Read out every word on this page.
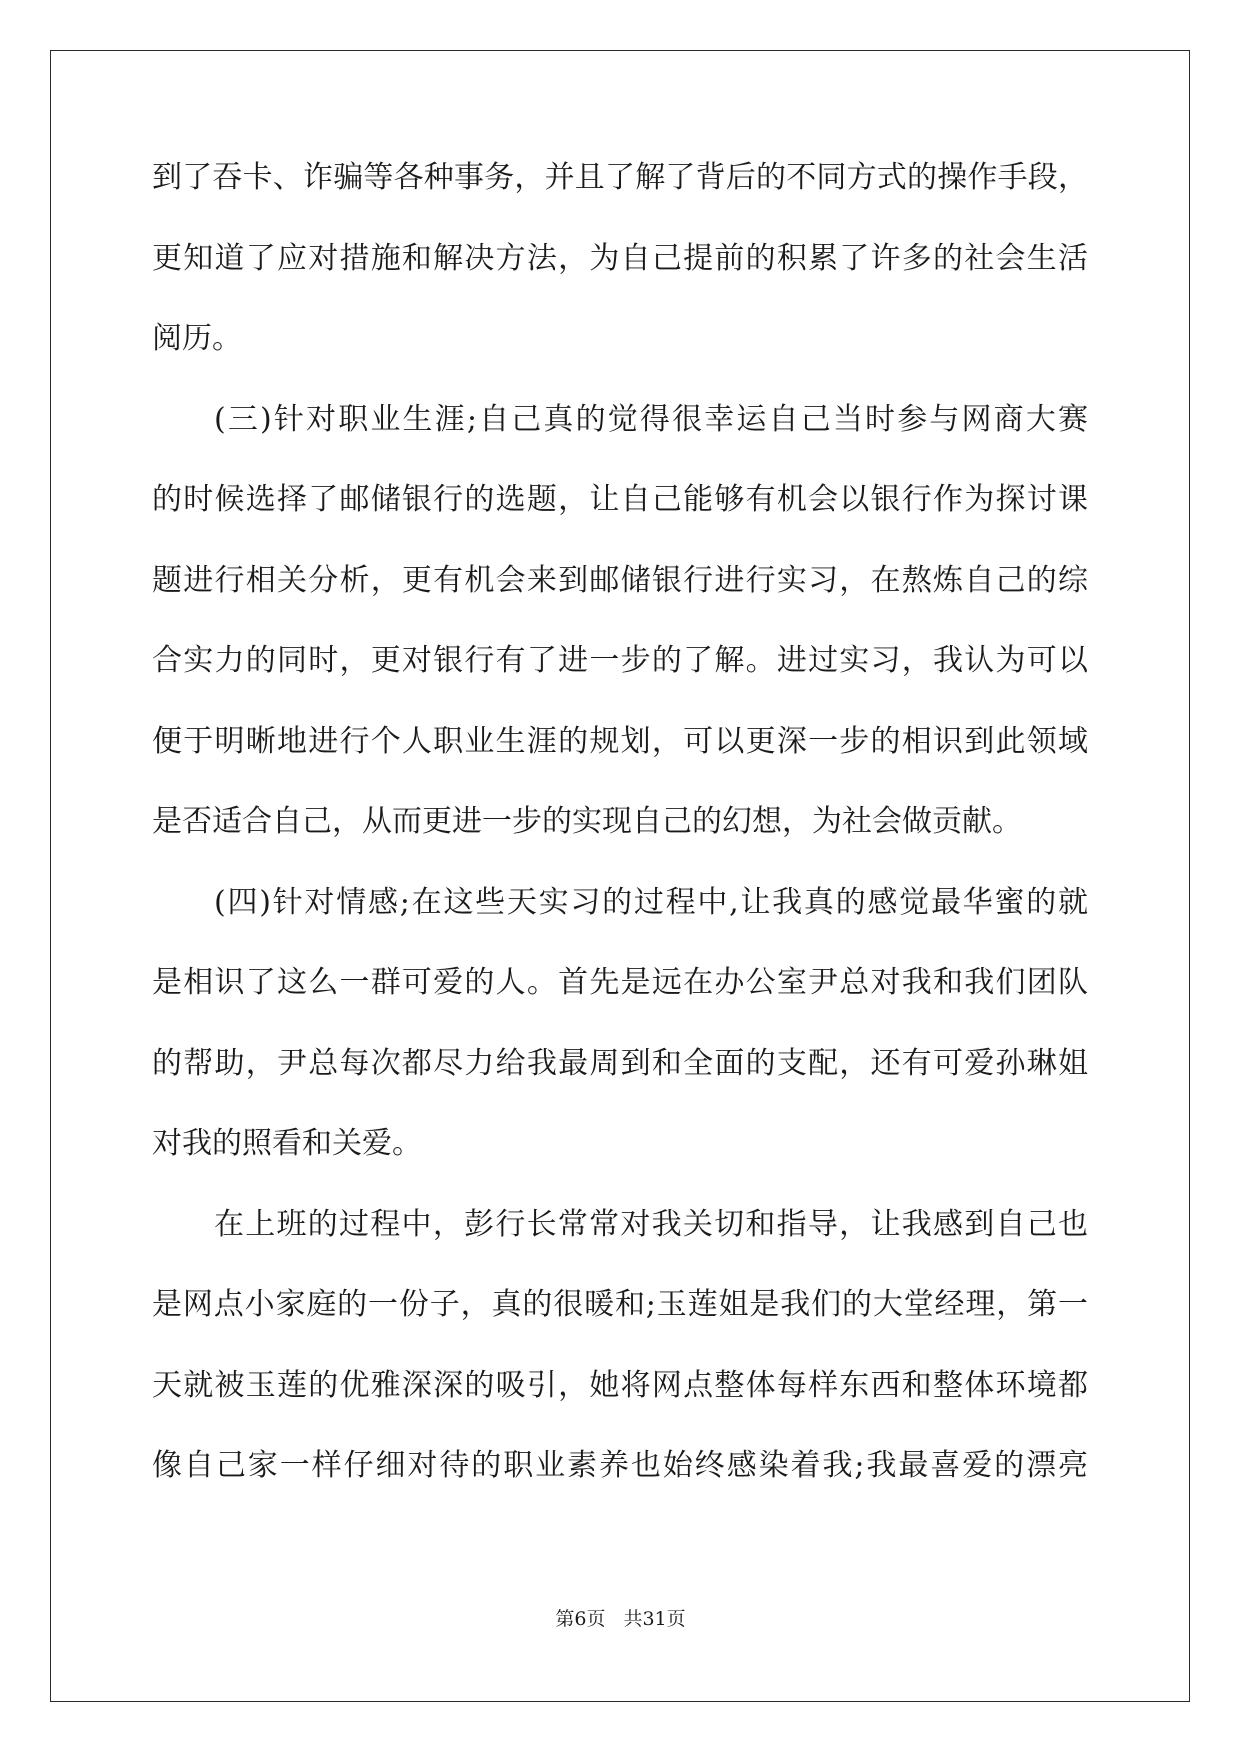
到了吞卡、诈骗等各种事务，并且了解了背后的不同方式的操作手段，
更知道了应对措施和解决方法，为自己提前的积累了许多的社会生活
阅历。
(三)针对职业生涯;自己真的觉得很幸运自己当时参与网商大赛
的时候选择了邮储银行的选题，让自己能够有机会以银行作为探讨课
题进行相关分析，更有机会来到邮储银行进行实习，在熬炼自己的综
合实力的同时，更对银行有了进一步的了解。进过实习，我认为可以
便于明晰地进行个人职业生涯的规划，可以更深一步的相识到此领域
是否适合自己，从而更进一步的实现自己的幻想，为社会做贡献。
(四)针对情感;在这些天实习的过程中,让我真的感觉最华蜜的就
是相识了这么一群可爱的人。首先是远在办公室尹总对我和我们团队
的帮助，尹总每次都尽力给我最周到和全面的支配，还有可爱孙琳姐
对我的照看和关爱。
在上班的过程中，彭行长常常对我关切和指导，让我感到自己也
是网点小家庭的一份子，真的很暖和;玉莲姐是我们的大堂经理，第一
天就被玉莲的优雅深深的吸引，她将网点整体每样东西和整体环境都
像自己家一样仔细对待的职业素养也始终感染着我;我最喜爱的漂亮
第6页 共31页
